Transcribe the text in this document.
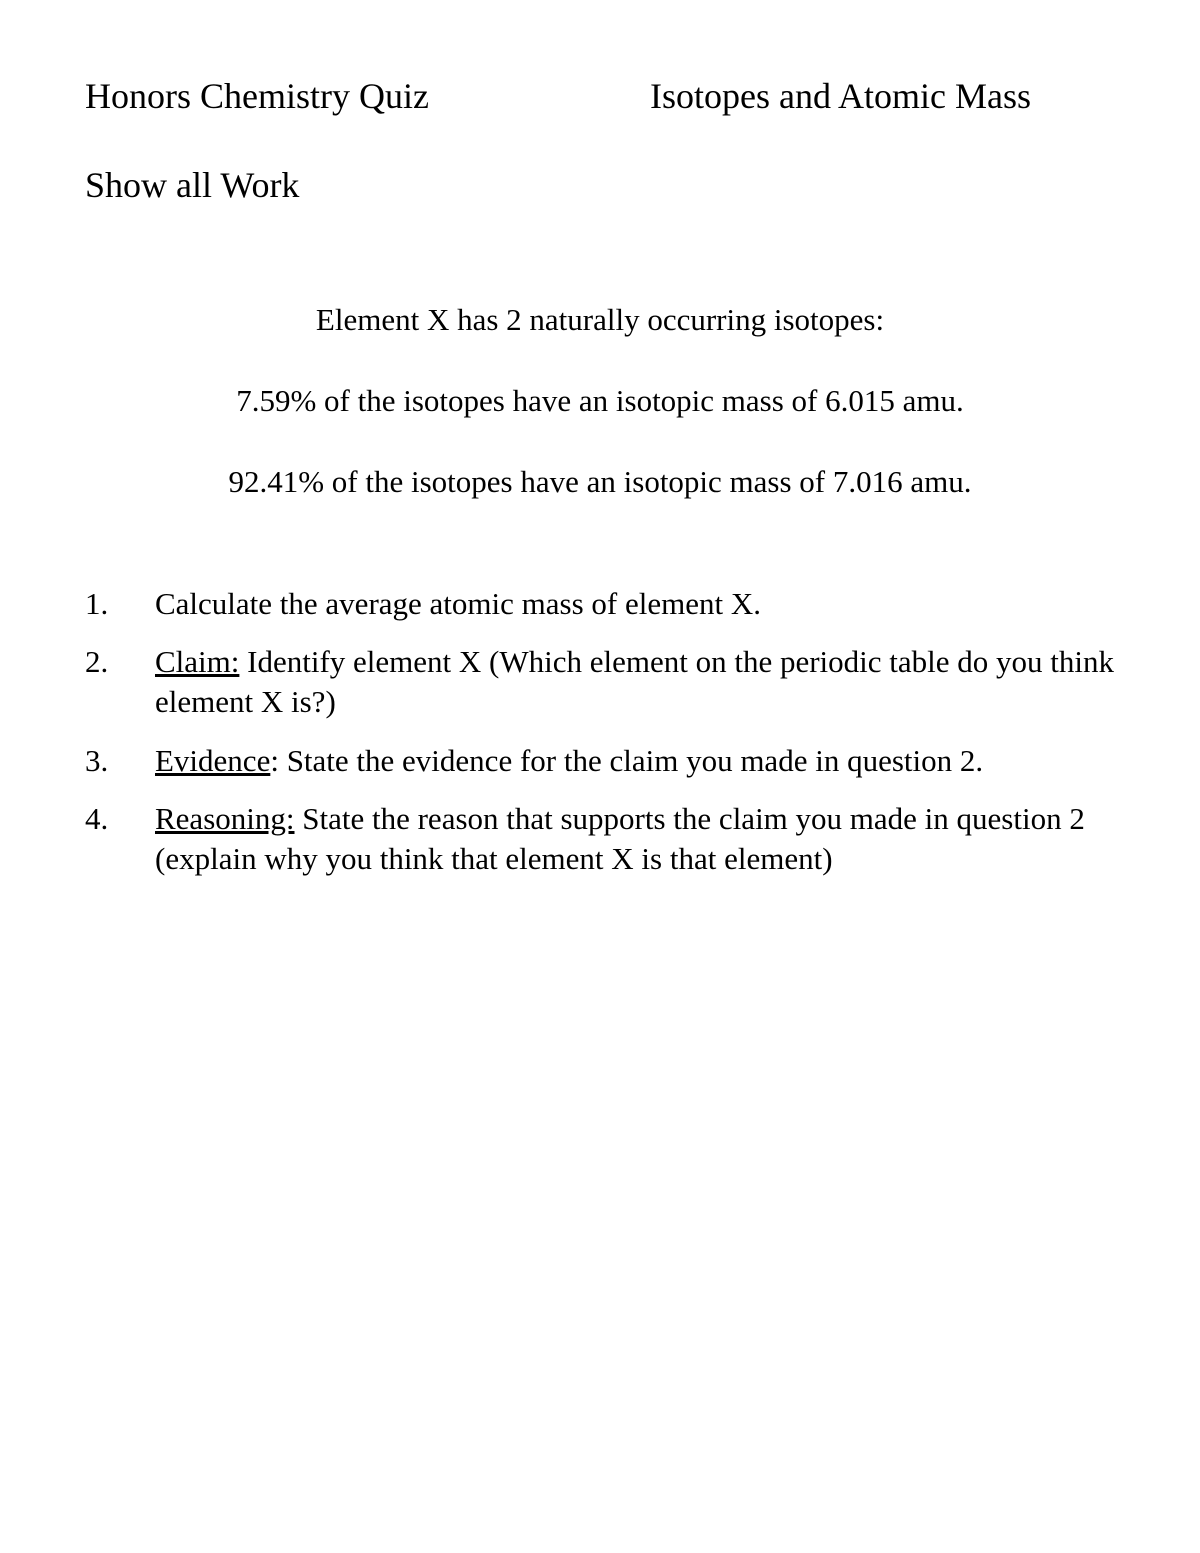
Honors Chemistry Quiz	Isotopes and Atomic Mass
Show all Work
Element X has 2 naturally occurring isotopes:
7.59% of the isotopes have an isotopic mass of 6.015 amu.
92.41% of the isotopes have an isotopic mass of 7.016 amu.
1. Calculate the average atomic mass of element X.
2. Claim: Identify element X (Which element on the periodic table do you think element X is?)
3. Evidence: State the evidence for the claim you made in question 2.
4. Reasoning: State the reason that supports the claim you made in question 2 (explain why you think that element X is that element)
